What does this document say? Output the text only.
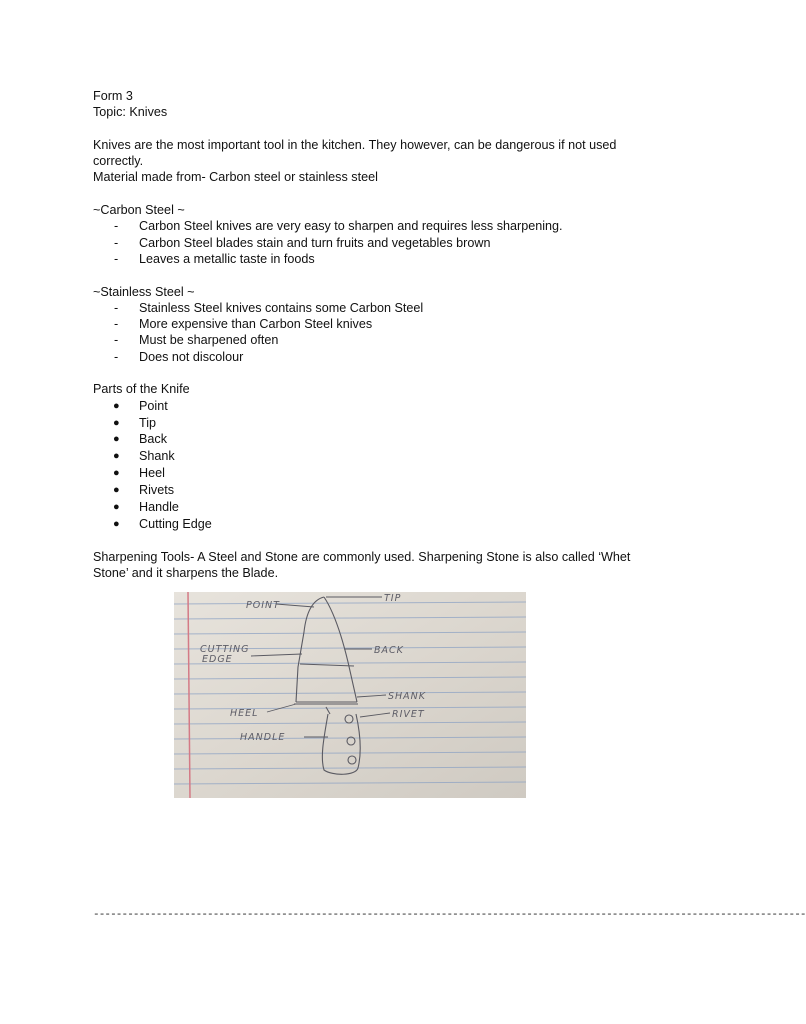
Form 3

Topic: Knives

Knives are the most important tool in the kitchen. They however, can be dangerous if not used

correctly.

Material made from- Carbon steel or stainless steel

~Carbon Steel ~

-	Carbon Steel knives are very easy to sharpen and requires less sharpening.
-	Carbon Steel blades stain and turn fruits and vegetables brown
-	Leaves a metallic taste in foods

~Stainless Steel ~

-	Stainless Steel knives contains some Carbon Steel
-	More expensive than Carbon Steel knives
-	Must be sharpened often
-	Does not discolour

Parts of the Knife

●	Point
●	Tip
●	Back
●	Shank
●	Heel
●	Rivets
●	Handle
●	Cutting Edge

Sharpening Tools- A Steel and Stone are commonly used. Sharpening Stone is also called ‘Whet

Stone’ and it sharpens the Blade.

POINT
TIP
CUTTING
EDGE
BACK
SHANK
HEEL	RIVET
HANDLE
-----------------------------------------------------------------------------------------------------------------------------
